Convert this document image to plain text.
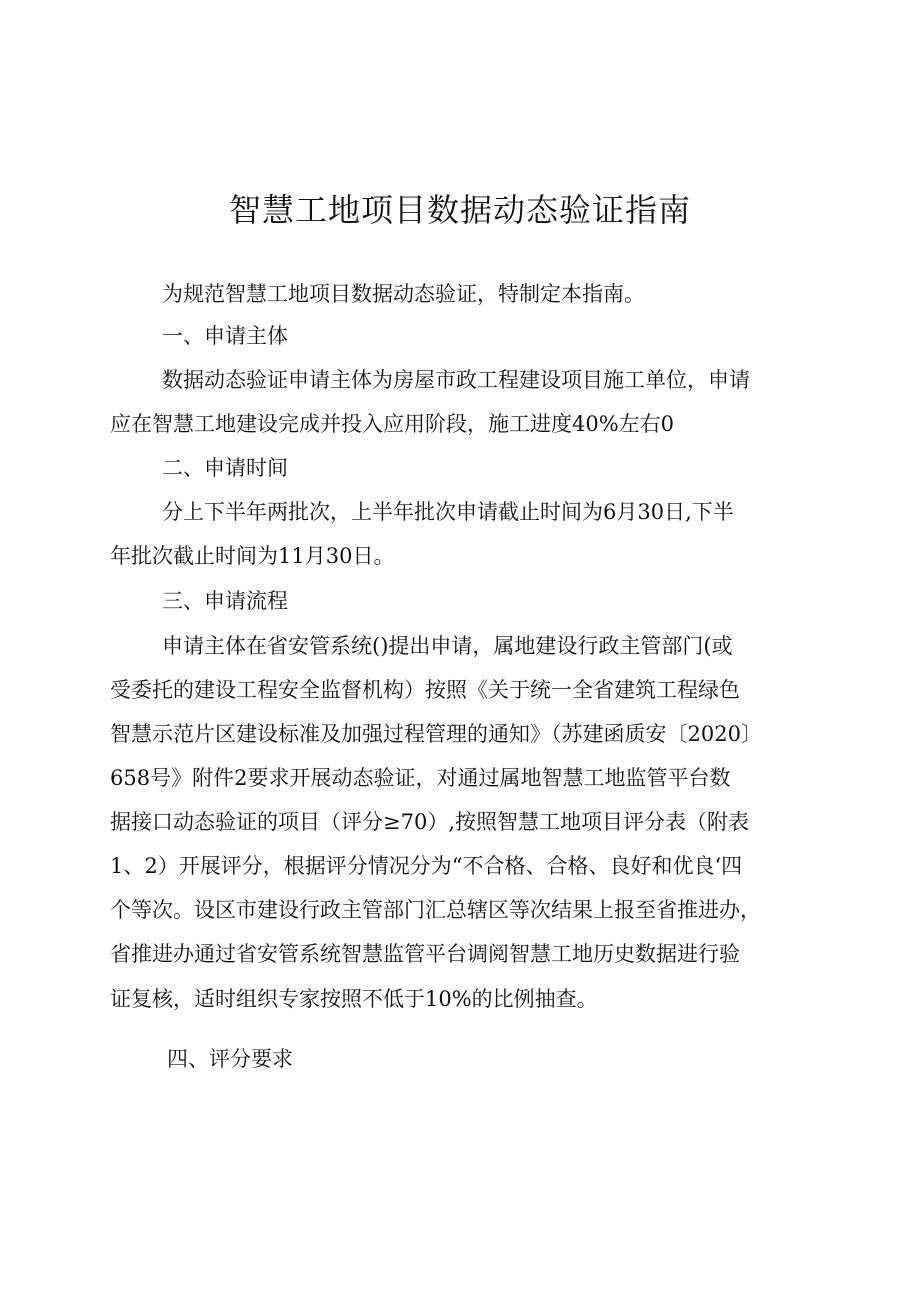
智慧工地项目数据动态验证指南
为规范智慧工地项目数据动态验证，特制定本指南。
一、申请主体
数据动态验证申请主体为房屋市政工程建设项目施工单位，申请
应在智慧工地建设完成并投入应用阶段，施工进度40%左右0
二、申请时间
分上下半年两批次，上半年批次申请截止时间为6月30日,下半
年批次截止时间为11月30日。
三、申请流程
申请主体在省安管系统()提出申请，属地建设行政主管部门(或
受委托的建设工程安全监督机构）按照《关于统一全省建筑工程绿色
智慧示范片区建设标准及加强过程管理的通知》（苏建函质安〔2020〕
658号》附件2要求开展动态验证，对通过属地智慧工地监管平台数
据接口动态验证的项目（评分≥70）,按照智慧工地项目评分表（附表
1、2）开展评分，根据评分情况分为“不合格、合格、良好和优良‘四
个等次。设区市建设行政主管部门汇总辖区等次结果上报至省推进办，
省推进办通过省安管系统智慧监管平台调阅智慧工地历史数据进行验
证复核，适时组织专家按照不低于10%的比例抽查。
四、评分要求
